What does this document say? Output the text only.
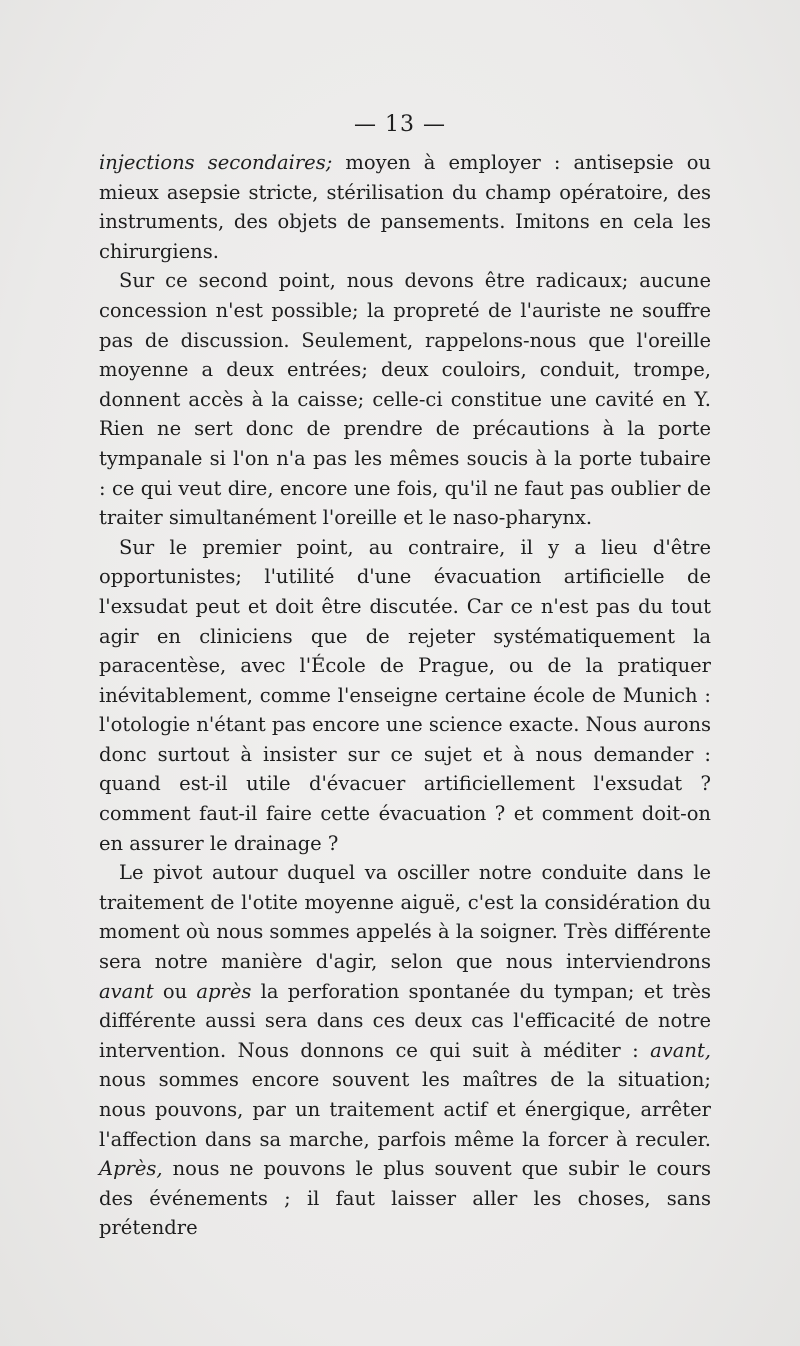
— 13 —

injections secondaires; moyen à employer : antisepsie ou mieux asepsie stricte, stérilisation du champ opératoire, des instruments, des objets de pansements. Imitons en cela les chirurgiens.

Sur ce second point, nous devons être radicaux; aucune concession n'est possible; la propreté de l'auriste ne souffre pas de discussion. Seulement, rappelons-nous que l'oreille moyenne a deux entrées; deux couloirs, conduit, trompe, donnent accès à la caisse; celle-ci constitue une cavité en Y. Rien ne sert donc de prendre de précautions à la porte tympanale si l'on n'a pas les mêmes soucis à la porte tubaire : ce qui veut dire, encore une fois, qu'il ne faut pas oublier de traiter simultanément l'oreille et le naso-pharynx.

Sur le premier point, au contraire, il y a lieu d'être opportunistes; l'utilité d'une évacuation artificielle de l'exsudat peut et doit être discutée. Car ce n'est pas du tout agir en cliniciens que de rejeter systématiquement la paracentèse, avec l'École de Prague, ou de la pratiquer inévitablement, comme l'enseigne certaine école de Munich : l'otologie n'étant pas encore une science exacte. Nous aurons donc surtout à insister sur ce sujet et à nous demander : quand est-il utile d'évacuer artificiellement l'exsudat ? comment faut-il faire cette évacuation ? et comment doit-on en assurer le drainage ?

Le pivot autour duquel va osciller notre conduite dans le traitement de l'otite moyenne aiguë, c'est la considération du moment où nous sommes appelés à la soigner. Très différente sera notre manière d'agir, selon que nous interviendrons avant ou après la perforation spontanée du tympan; et très différente aussi sera dans ces deux cas l'efficacité de notre intervention. Nous donnons ce qui suit à méditer : avant, nous sommes encore souvent les maîtres de la situation; nous pouvons, par un traitement actif et énergique, arrêter l'affection dans sa marche, parfois même la forcer à reculer. Après, nous ne pouvons le plus souvent que subir le cours des événements ; il faut laisser aller les choses, sans prétendre
